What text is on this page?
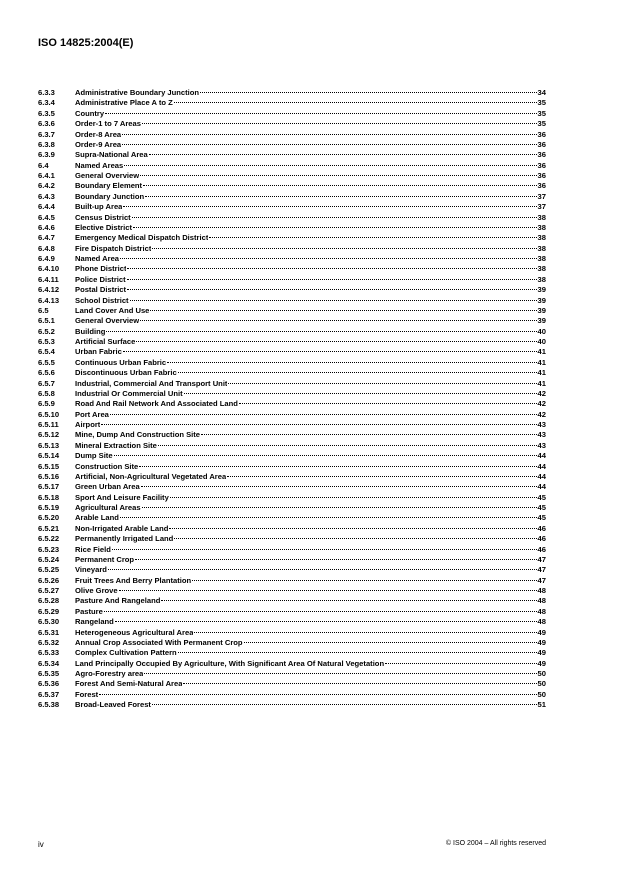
ISO 14825:2004(E)
6.3.3	Administrative Boundary Junction	34
6.3.4	Administrative Place A to Z	35
6.3.5	Country	35
6.3.6	Order-1 to 7 Areas	35
6.3.7	Order-8 Area	36
6.3.8	Order-9 Area	36
6.3.9	Supra-National Area	36
6.4	Named Areas	36
6.4.1	General Overview	36
6.4.2	Boundary Element	36
6.4.3	Boundary Junction	37
6.4.4	Built-up Area	37
6.4.5	Census District	38
6.4.6	Elective District	38
6.4.7	Emergency Medical Dispatch District	38
6.4.8	Fire Dispatch District	38
6.4.9	Named Area	38
6.4.10	Phone District	38
6.4.11	Police District	38
6.4.12	Postal District	39
6.4.13	School District	39
6.5	Land Cover And Use	39
6.5.1	General Overview	39
6.5.2	Building	40
6.5.3	Artificial Surface	40
6.5.4	Urban Fabric	41
6.5.5	Continuous Urban Fabric	41
6.5.6	Discontinuous Urban Fabric	41
6.5.7	Industrial, Commercial And Transport Unit	41
6.5.8	Industrial Or Commercial Unit	42
6.5.9	Road And Rail Network And Associated Land	42
6.5.10	Port Area	42
6.5.11	Airport	43
6.5.12	Mine, Dump And Construction Site	43
6.5.13	Mineral Extraction Site	43
6.5.14	Dump Site	44
6.5.15	Construction Site	44
6.5.16	Artificial, Non-Agricultural Vegetated Area	44
6.5.17	Green Urban Area	44
6.5.18	Sport And Leisure Facility	45
6.5.19	Agricultural Areas	45
6.5.20	Arable Land	45
6.5.21	Non-Irrigated Arable Land	46
6.5.22	Permanently Irrigated Land	46
6.5.23	Rice Field	46
6.5.24	Permanent Crop	47
6.5.25	Vineyard	47
6.5.26	Fruit Trees And Berry Plantation	47
6.5.27	Olive Grove	48
6.5.28	Pasture And Rangeland	48
6.5.29	Pasture	48
6.5.30	Rangeland	48
6.5.31	Heterogeneous Agricultural Area	49
6.5.32	Annual Crop Associated With Permanent Crop	49
6.5.33	Complex Cultivation Pattern	49
6.5.34	Land Principally Occupied By Agriculture, With Significant Area Of Natural Vegetation	49
6.5.35	Agro-Forestry area	50
6.5.36	Forest And Semi-Natural Area	50
6.5.37	Forest	50
6.5.38	Broad-Leaved Forest	51
iv	© ISO 2004 – All rights reserved
